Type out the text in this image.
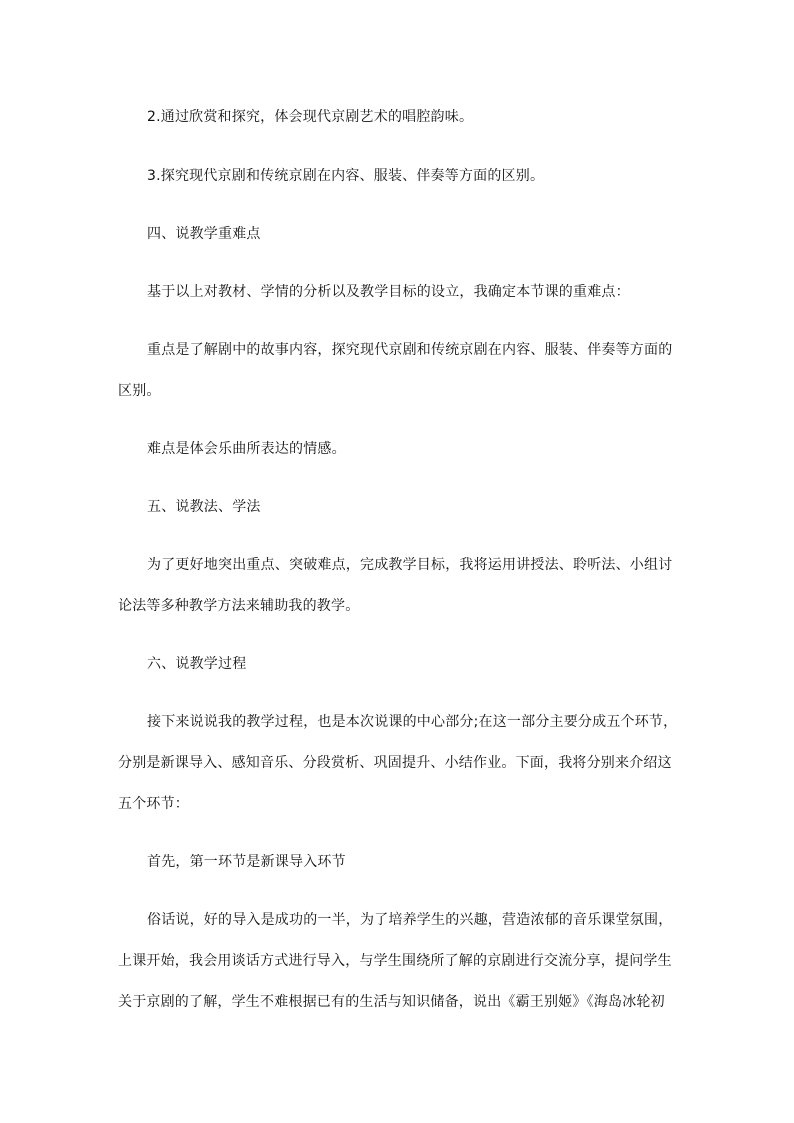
2.通过欣赏和探究，体会现代京剧艺术的唱腔韵味。
3.探究现代京剧和传统京剧在内容、服装、伴奏等方面的区别。
四、说教学重难点
基于以上对教材、学情的分析以及教学目标的设立，我确定本节课的重难点：
重点是了解剧中的故事内容，探究现代京剧和传统京剧在内容、服装、伴奏等方面的
区别。
难点是体会乐曲所表达的情感。
五、说教法、学法
为了更好地突出重点、突破难点，完成教学目标，我将运用讲授法、聆听法、小组讨
论法等多种教学方法来辅助我的教学。
六、说教学过程
接下来说说我的教学过程，也是本次说课的中心部分;在这一部分主要分成五个环节，
分别是新课导入、感知音乐、分段赏析、巩固提升、小结作业。下面，我将分别来介绍这
五个环节：
首先，第一环节是新课导入环节
俗话说，好的导入是成功的一半，为了培养学生的兴趣，营造浓郁的音乐课堂氛围，
上课开始，我会用谈话方式进行导入，与学生围绕所了解的京剧进行交流分享，提问学生
关于京剧的了解，学生不难根据已有的生活与知识储备，说出《霸王别姬》《海岛冰轮初
